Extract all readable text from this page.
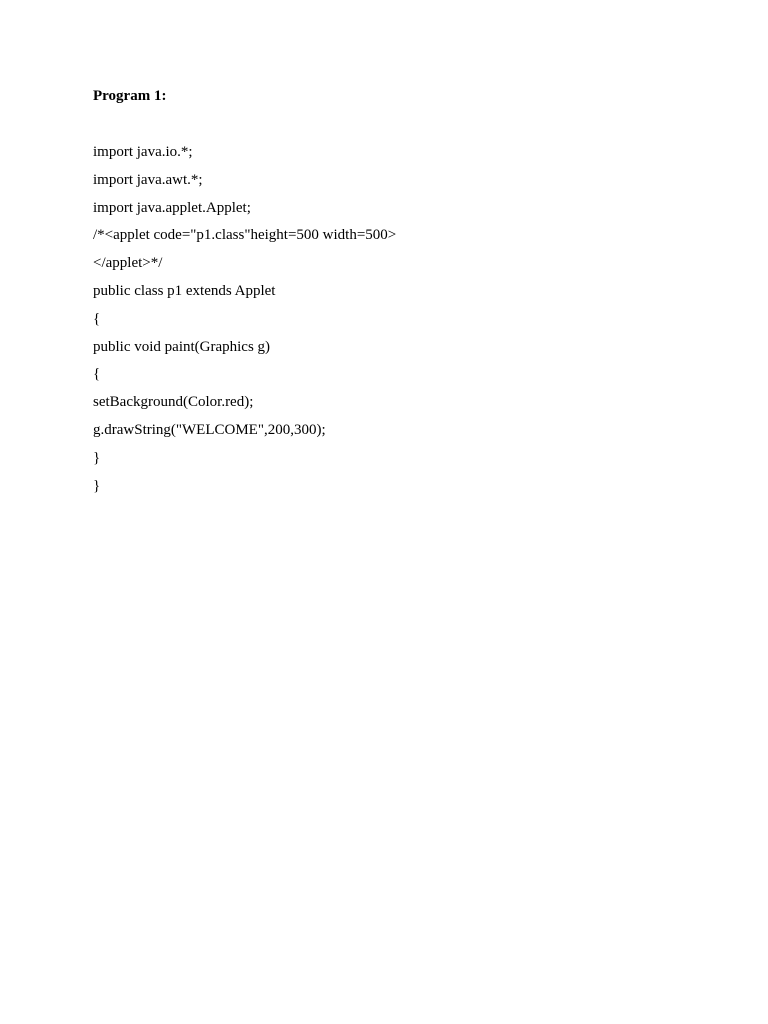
Program 1:

import java.io.*;
import java.awt.*;
import java.applet.Applet;
/*<applet code="p1.class"height=500 width=500>
</applet>*/
public class p1 extends Applet
{
public void paint(Graphics g)
{
setBackground(Color.red);
g.drawString("WELCOME",200,300);
}
}
